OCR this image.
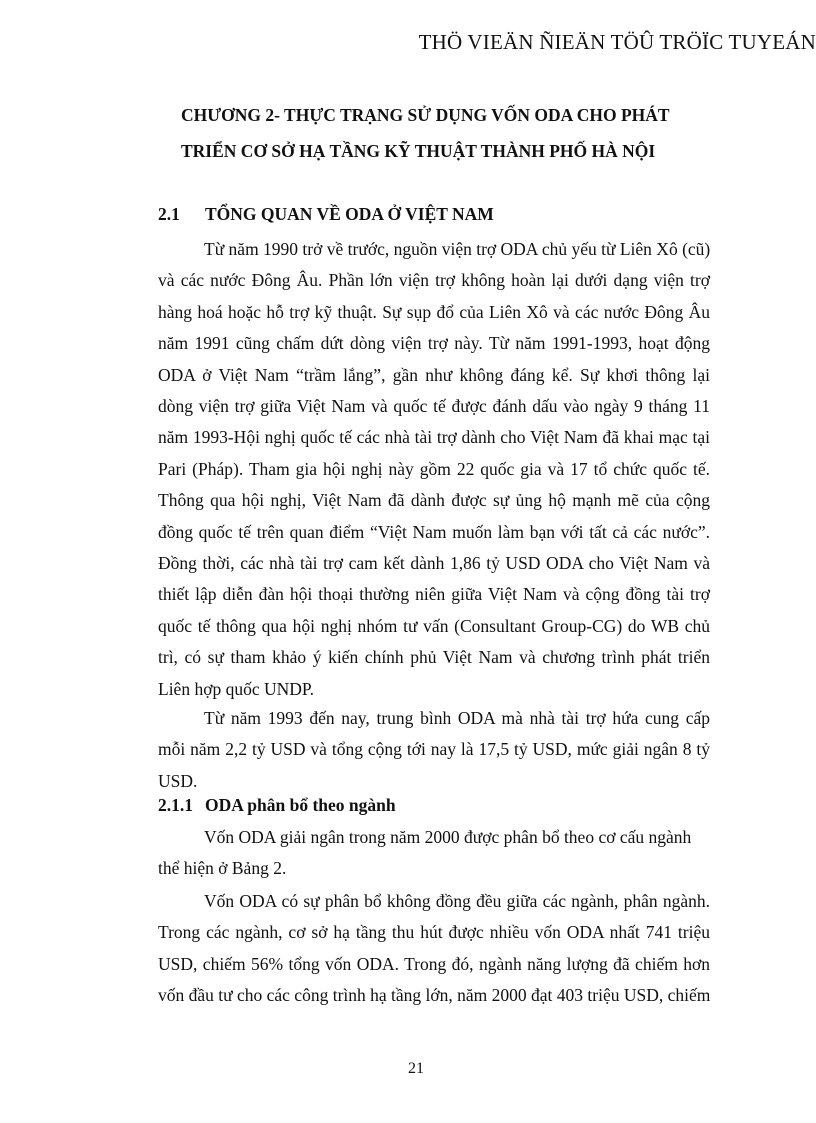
THÖ VIEÄN ÑIEÄN TÖÛ TRÖÏC TUYEÁN
CHƯƠNG 2- THỰC TRẠNG SỬ DỤNG VỐN ODA CHO PHÁT
TRIỂN CƠ SỞ HẠ TẦNG KỸ THUẬT THÀNH PHỐ HÀ NỘI
2.1 TỔNG QUAN VỀ ODA Ở VIỆT NAM
Từ năm 1990 trở về trước, nguồn viện trợ ODA chủ yếu từ Liên Xô (cũ)
và các nước Đông Âu. Phần lớn viện trợ không hoàn lại dưới dạng viện trợ
hàng hoá hoặc hỗ trợ kỹ thuật. Sự sụp đổ của Liên Xô và các nước Đông Âu
năm 1991 cũng chấm dứt dòng viện trợ này. Từ năm 1991-1993, hoạt động
ODA ở Việt Nam “trầm lắng”, gần như không đáng kể. Sự khơi thông lại
dòng viện trợ giữa Việt Nam và quốc tế được đánh dấu vào ngày 9 tháng 11
năm 1993-Hội nghị quốc tế các nhà tài trợ dành cho Việt Nam đã khai mạc tại
Pari (Pháp). Tham gia hội nghị này gồm 22 quốc gia và 17 tổ chức quốc tế.
Thông qua hội nghị, Việt Nam đã dành được sự ủng hộ mạnh mẽ của cộng
đồng quốc tế trên quan điểm “Việt Nam muốn làm bạn với tất cả các nước”.
Đồng thời, các nhà tài trợ cam kết dành 1,86 tỷ USD ODA cho Việt Nam và
thiết lập diễn đàn hội thoại thường niên giữa Việt Nam và cộng đồng tài trợ
quốc tế thông qua hội nghị nhóm tư vấn (Consultant Group-CG) do WB chủ
trì, có sự tham khảo ý kiến chính phủ Việt Nam và chương trình phát triển
Liên hợp quốc UNDP.
Từ năm 1993 đến nay, trung bình ODA mà nhà tài trợ hứa cung cấp
mỗi năm 2,2 tỷ USD và tổng cộng tới nay là 17,5 tỷ USD, mức giải ngân 8 tỷ
USD.
2.1.1 ODA phân bổ theo ngành
Vốn ODA giải ngân trong năm 2000 được phân bổ theo cơ cấu ngành
thể hiện ở Bảng 2.
Vốn ODA có sự phân bổ không đồng đều giữa các ngành, phân ngành.
Trong các ngành, cơ sở hạ tầng thu hút được nhiều vốn ODA nhất 741 triệu
USD, chiếm 56% tổng vốn ODA. Trong đó, ngành năng lượng đã chiếm hơn
vốn đầu tư cho các công trình hạ tầng lớn, năm 2000 đạt 403 triệu USD, chiếm
21
